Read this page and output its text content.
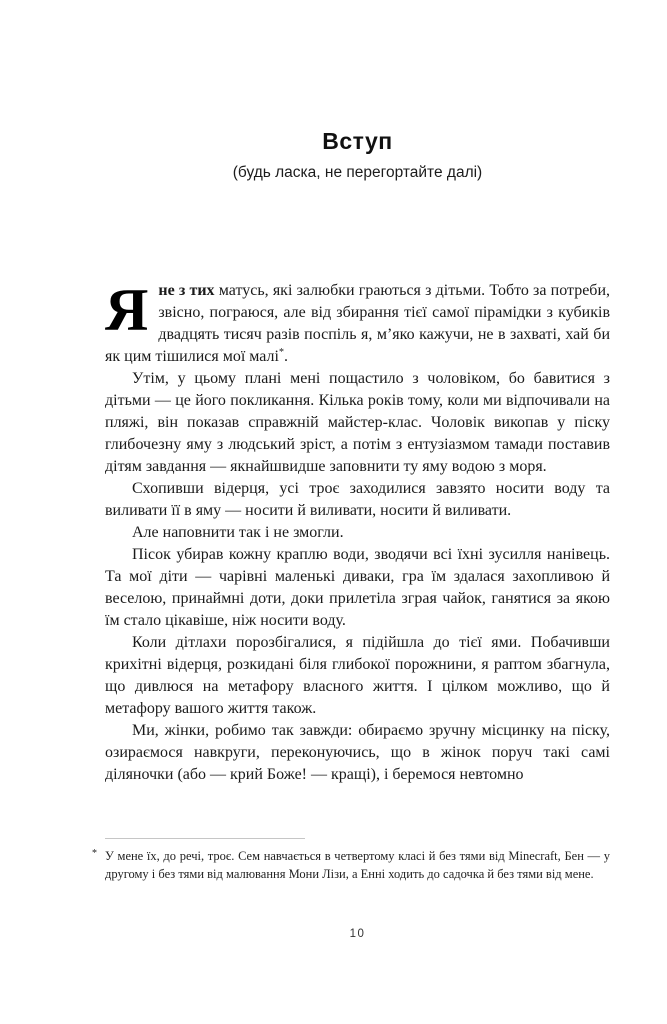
Вступ
(будь ласка, не перегортайте далі)

Яне з тих матусь, які залюбки граються з дітьми. Тобто за потреби, звісно, пограюся, але від збирання тієї самої пірамідки з кубиків двадцять тисяч разів поспіль я, м’яко кажучи, не в захваті, хай би як цим тішилися мої малі*.

Утім, у цьому плані мені пощастило з чоловіком, бо бавитися з дітьми — це його покликання. Кілька років тому, коли ми відпочивали на пляжі, він показав справжній майстер-клас. Чоловік викопав у піску глибочезну яму з людський зріст, а потім з ентузіазмом тамади поставив дітям завдання — якнайшвидше заповнити ту яму водою з моря.

Схопивши відерця, усі троє заходилися завзято носити воду та виливати її в яму — носити й виливати, носити й виливати.

Але наповнити так і не змогли.

Пісок убирав кожну краплю води, зводячи всі їхні зусилля нанівець. Та мої діти — чарівні маленькі диваки, гра їм здалася захопливою й веселою, принаймні доти, доки прилетіла зграя чайок, ганятися за якою їм стало цікавіше, ніж носити воду.

Коли дітлахи порозбігалися, я підійшла до тієї ями. Побачивши крихітні відерця, розкидані біля глибокої порожнини, я раптом збагнула, що дивлюся на метафору власного життя. І цілком можливо, що й метафору вашого життя також.

Ми, жінки, робимо так завжди: обираємо зручну місцинку на піску, озираємося навкруги, переконуючись, що в жінок поруч такі самі діляночки (або — крий Боже! — кращі), і беремося невтомно

* У мене їх, до речі, троє. Сем навчається в четвертому класі й без тями від Minecraft, Бен — у другому і без тями від малювання Мони Лізи, а Енні ходить до садочка й без тями від мене.
10
